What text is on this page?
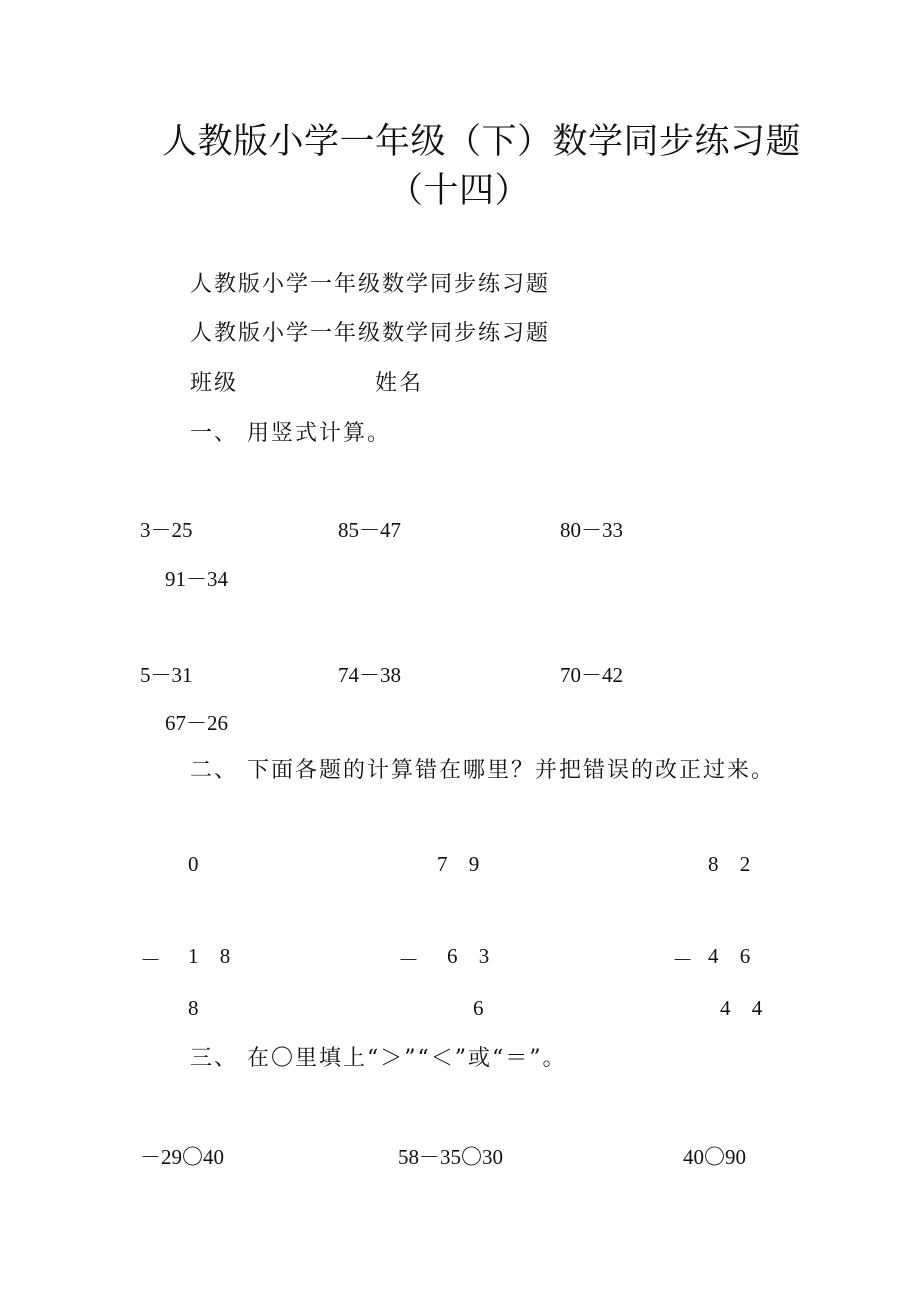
人教版小学一年级（下）数学同步练习题
（十四）
人教版小学一年级数学同步练习题
人教版小学一年级数学同步练习题
班级	姓名
一、 用竖式计算。
3－25	85－47	80－33
91－34
5－31	74－38	70－42
67－26
二、 下面各题的计算错在哪里？并把错误的改正过来。
0
－ 1 8
8
7 9
－ 6 3
6
8 2
－ 4 6
4 4
三、 在〇里填上“＞”“＜”或“＝”。
－29〇40	58－35〇30	40〇90
